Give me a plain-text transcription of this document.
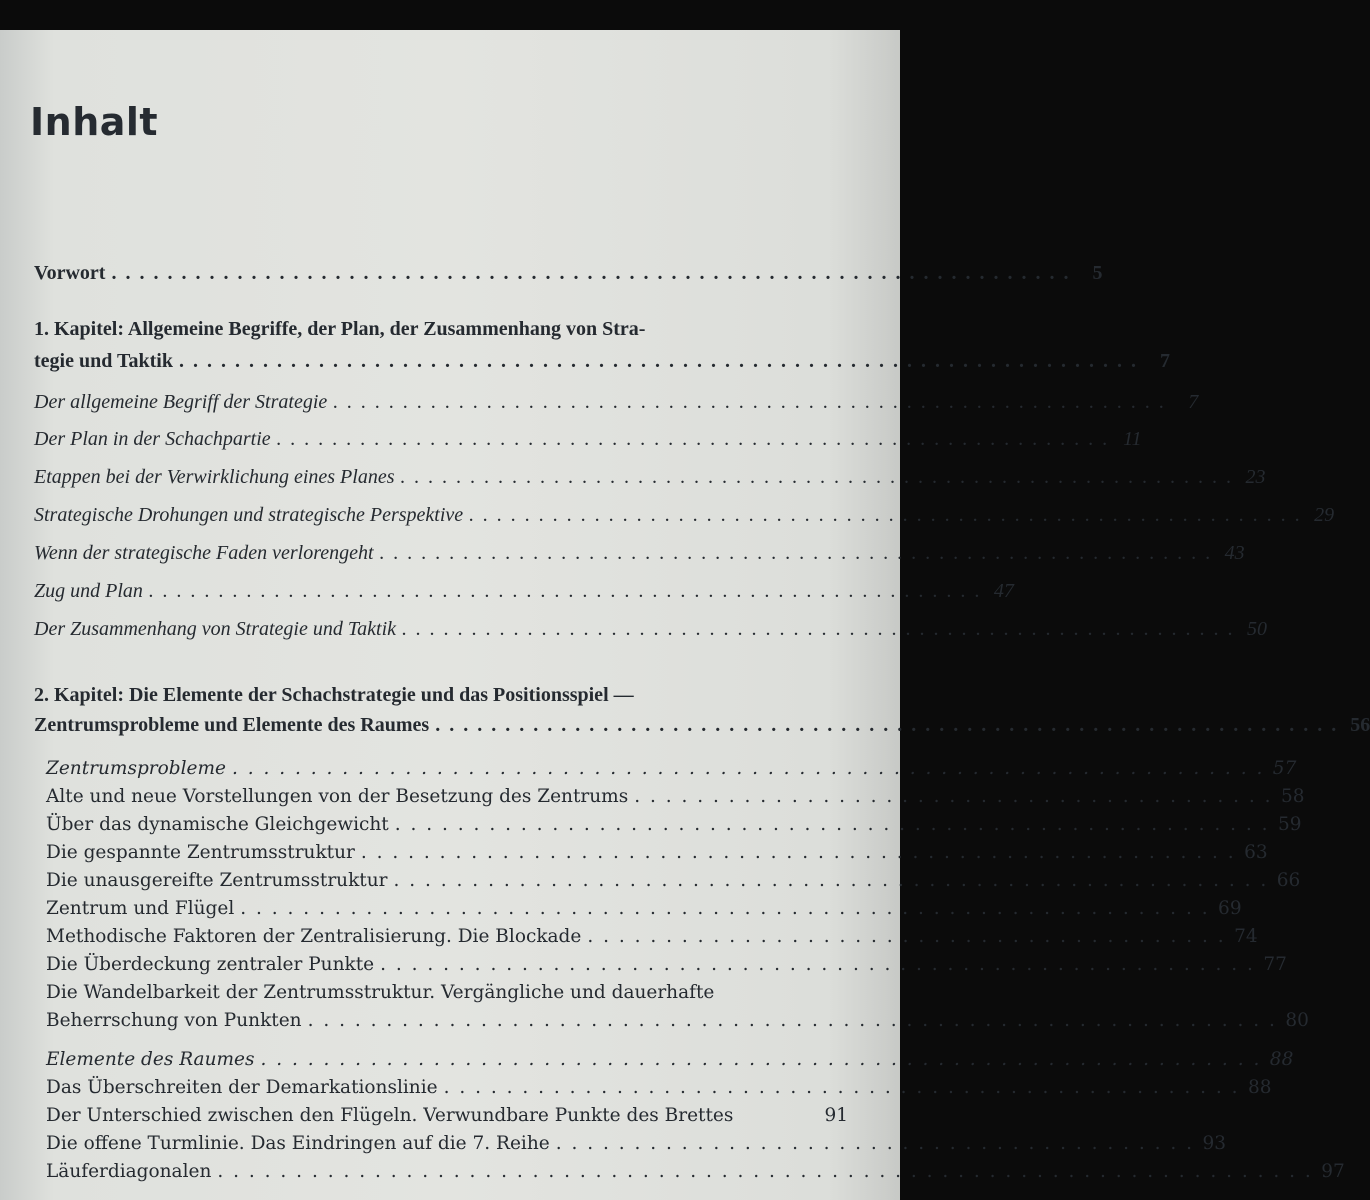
Inhalt
Vorwort . . . . . . . . . . . . . . . . . . . . . . . . . . . . . . . . . . . . . . . . . . . . . . . . . . . . . . . . . . . . . . . . . . . . .	5
1. Kapitel: Allgemeine Begriffe, der Plan, der Zusammenhang von Stra-
tegie und Taktik . . . . . . . . . . . . . . . . . . . . . . . . . . . . . . . . . . . . . . . . . . . . . . . . . . . . . . . . . . . . . . . . . . . . .	7
Der allgemeine Begriff der Strategie . . . . . . . . . . . . . . . . . . . . . . . . . . . . . . . . . . . . . . . . . . . . . . . . . . . . . . . . . . . .	7
Der Plan in der Schachpartie . . . . . . . . . . . . . . . . . . . . . . . . . . . . . . . . . . . . . . . . . . . . . . . . . . . . . . . . . . . . 11
Etappen bei der Verwirklichung eines Planes . . . . . . . . . . . . . . . . . . . . . . . . . . . . . . . . . . . . . . . . . . . . . . . . . . . . . . . . . . . . 23
Strategische Drohungen und strategische Perspektive . . . . . . . . . . . . . . . . . . . . . . . . . . . . . . . . . . . . . . . . . . . . . . . . . . . . . . . . . . . . 29
Wenn der strategische Faden verlorengeht . . . . . . . . . . . . . . . . . . . . . . . . . . . . . . . . . . . . . . . . . . . . . . . . . . . . . . . . . . . . 43
Zug und Plan . . . . . . . . . . . . . . . . . . . . . . . . . . . . . . . . . . . . . . . . . . . . . . . . . . . . . . . . . . . . 47
Der Zusammenhang von Strategie und Taktik . . . . . . . . . . . . . . . . . . . . . . . . . . . . . . . . . . . . . . . . . . . . . . . . . . . . . . . . . . . . 50
2. Kapitel: Die Elemente der Schachstrategie und das Positionsspiel —
Zentrumsprobleme und Elemente des Raumes . . . . . . . . . . . . . . . . . . . . . . . . . . . . . . . . . . . . . . . . . . . . . . . . . . . . . . . . . . . . . . . . . 56
Zentrumsprobleme . . . . . . . . . . . . . . . . . . . . . . . . . . . . . . . . . . . . . . . . . . . . . . . . . . . . . . . . . . . . . . . . . . 57
Alte und neue Vorstellungen von der Besetzung des Zentrums . . . . . . . . . . . . . . . . . . . . . . . . . . . . . . . . . . . . . . . . . 58
Über das dynamische Gleichgewicht . . . . . . . . . . . . . . . . . . . . . . . . . . . . . . . . . . . . . . . . . . . . . . . . . . . . . . . . 59
Die gespannte Zentrumsstruktur . . . . . . . . . . . . . . . . . . . . . . . . . . . . . . . . . . . . . . . . . . . . . . . . . . . . . . . . 63
Die unausgereifte Zentrumsstruktur . . . . . . . . . . . . . . . . . . . . . . . . . . . . . . . . . . . . . . . . . . . . . . . . . . . . . . . . 66
Zentrum und Flügel . . . . . . . . . . . . . . . . . . . . . . . . . . . . . . . . . . . . . . . . . . . . . . . . . . . . . . . . . . . . . . 69
Methodische Faktoren der Zentralisierung. Die Blockade . . . . . . . . . . . . . . . . . . . . . . . . . . . . . . . . . . . . . . . . . 74
Die Überdeckung zentraler Punkte . . . . . . . . . . . . . . . . . . . . . . . . . . . . . . . . . . . . . . . . . . . . . . . . . . . . . . . . 77
Die Wandelbarkeit der Zentrumsstruktur. Vergängliche und dauerhafte
Beherrschung von Punkten . . . . . . . . . . . . . . . . . . . . . . . . . . . . . . . . . . . . . . . . . . . . . . . . . . . . . . . . . . . . . . 80
Elemente des Raumes . . . . . . . . . . . . . . . . . . . . . . . . . . . . . . . . . . . . . . . . . . . . . . . . . . . . . . . . . . . . . . . . 88
Das Überschreiten der Demarkationslinie . . . . . . . . . . . . . . . . . . . . . . . . . . . . . . . . . . . . . . . . . . . . . . . . . . . 88
Der Unterschied zwischen den Flügeln. Verwundbare Punkte des Brettes	91
Die offene Turmlinie. Das Eindringen auf die 7. Reihe . . . . . . . . . . . . . . . . . . . . . . . . . . . . . . . . . . . . . . . . . 93
Läuferdiagonalen . . . . . . . . . . . . . . . . . . . . . . . . . . . . . . . . . . . . . . . . . . . . . . . . . . . . . . . . . . . . . . . . . . . . . . 97
